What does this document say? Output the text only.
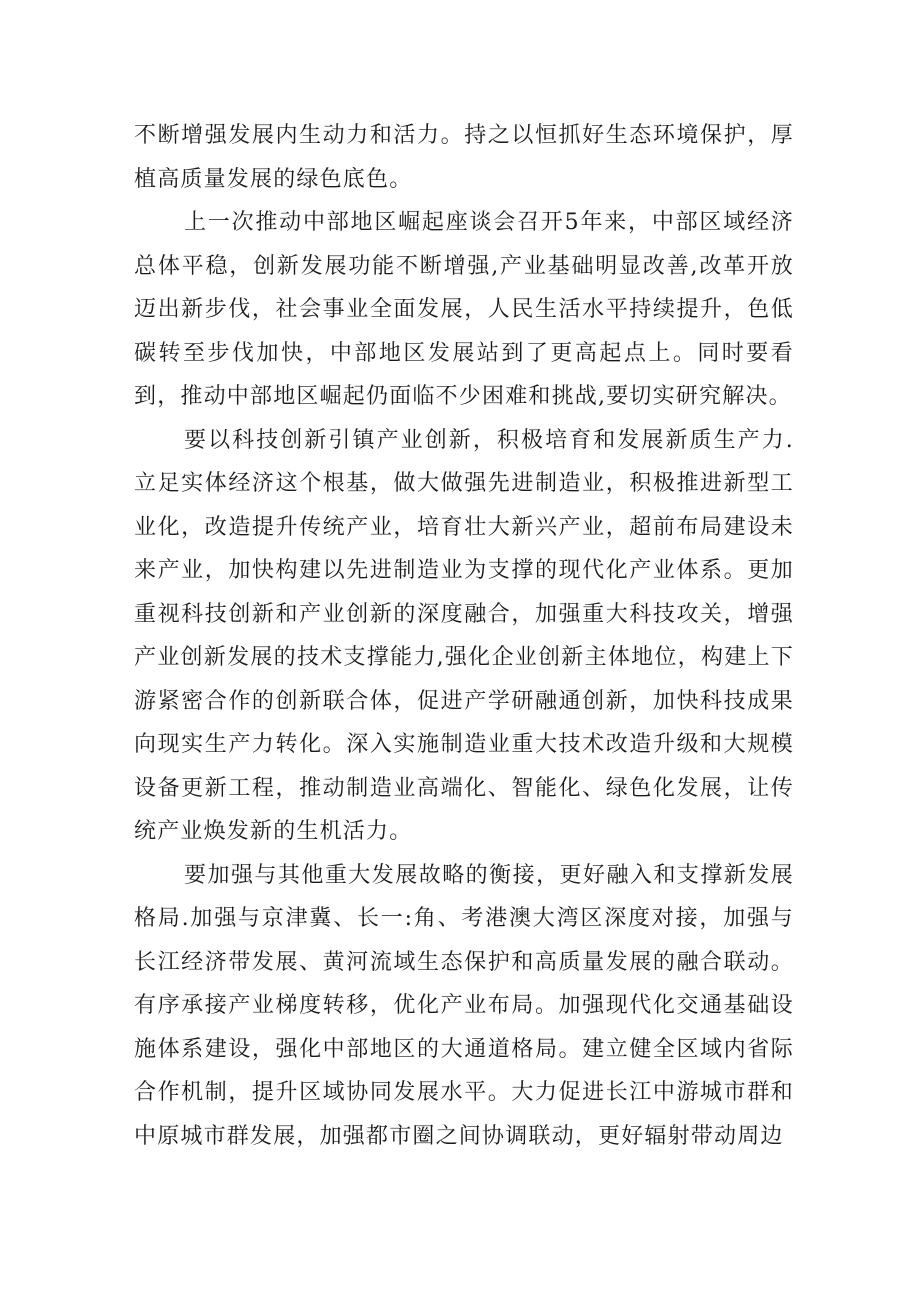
不断增强发展内生动力和活力。持之以恒抓好生态环境保护，厚植高质量发展的绿色底色。

上一次推动中部地区崛起座谈会召开5年来，中部区域经济总体平稳，创新发展功能不断增强,产业基础明显改善,改革开放迈出新步伐，社会事业全面发展，人民生活水平持续提升，色低碳转至步伐加快，中部地区发展站到了更高起点上。同时要看到，推动中部地区崛起仍面临不少困难和挑战,要切实研究解决。

要以科技创新引镇产业创新，积极培育和发展新质生产力.立足实体经济这个根基，做大做强先进制造业，积极推进新型工业化，改造提升传统产业，培育壮大新兴产业，超前布局建设未来产业，加快构建以先进制造业为支撑的现代化产业体系。更加重视科技创新和产业创新的深度融合，加强重大科技攻关，增强产业创新发展的技术支撑能力,强化企业创新主体地位，构建上下游紧密合作的创新联合体，促进产学研融通创新，加快科技成果向现实生产力转化。深入实施制造业重大技术改造升级和大规模设备更新工程，推动制造业高端化、智能化、绿色化发展，让传统产业焕发新的生机活力。

要加强与其他重大发展故略的衡接，更好融入和支撑新发展格局.加强与京津冀、长一:角、考港澳大湾区深度对接，加强与长江经济带发展、黄河流域生态保护和高质量发展的融合联动。有序承接产业梯度转移，优化产业布局。加强现代化交通基础设施体系建设，强化中部地区的大通道格局。建立健全区域内省际合作机制，提升区域协同发展水平。大力促进长江中游城市群和中原城市群发展，加强都市圈之间协调联动，更好辐射带动周边
